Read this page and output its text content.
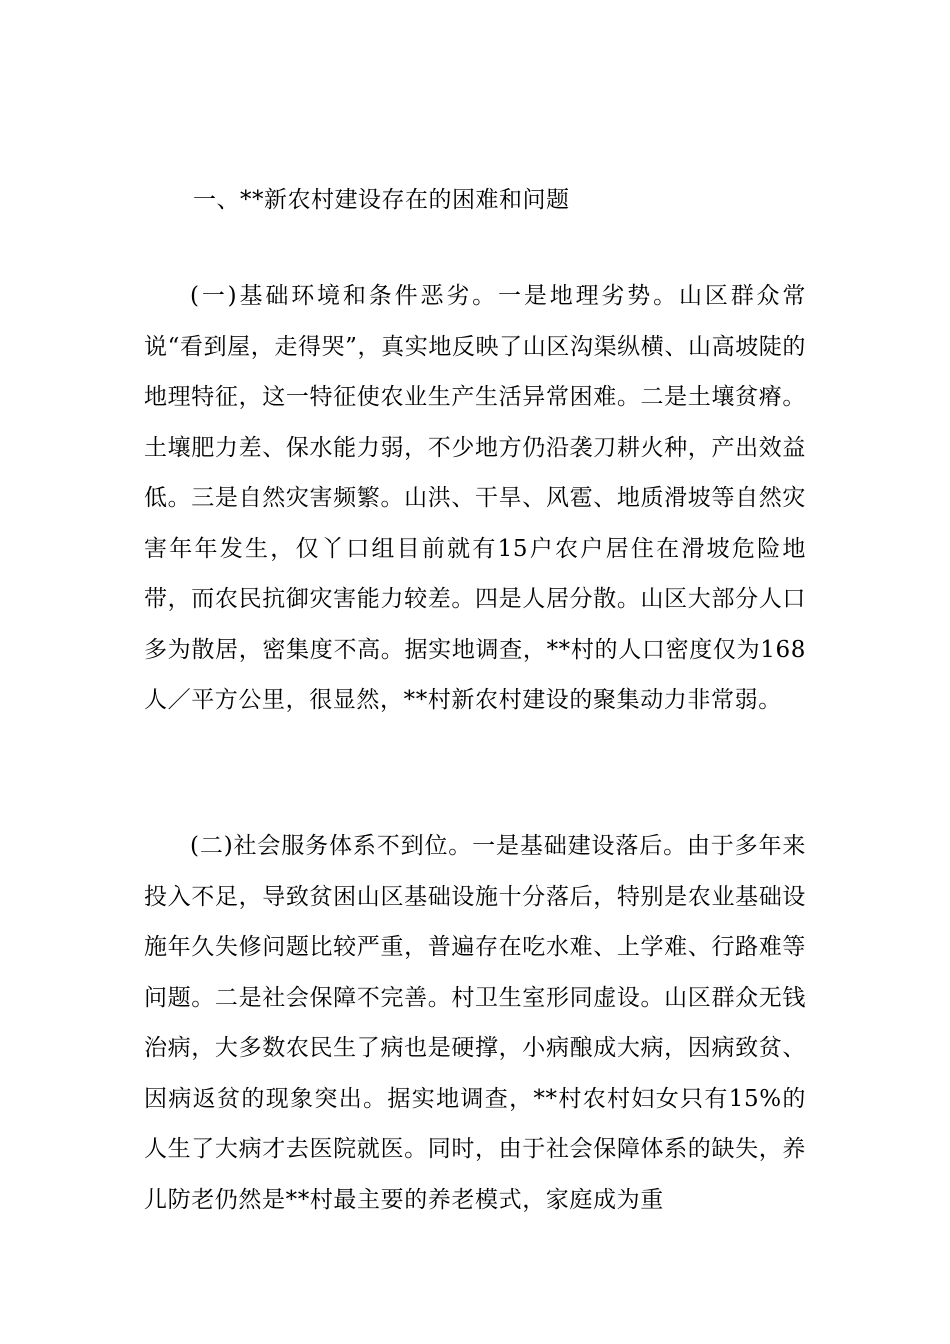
一、**新农村建设存在的困难和问题

(一)基础环境和条件恶劣。一是地理劣势。山区群众常说“看到屋，走得哭”，真实地反映了山区沟渠纵横、山高坡陡的地理特征，这一特征使农业生产生活异常困难。二是土壤贫瘠。土壤肥力差、保水能力弱，不少地方仍沿袭刀耕火种，产出效益低。三是自然灾害频繁。山洪、干旱、风雹、地质滑坡等自然灾害年年发生，仅丫口组目前就有15户农户居住在滑坡危险地带，而农民抗御灾害能力较差。四是人居分散。山区大部分人口多为散居，密集度不高。据实地调查，**村的人口密度仅为168人／平方公里，很显然，**村新农村建设的聚集动力非常弱。

(二)社会服务体系不到位。一是基础建设落后。由于多年来投入不足，导致贫困山区基础设施十分落后，特别是农业基础设施年久失修问题比较严重，普遍存在吃水难、上学难、行路难等问题。二是社会保障不完善。村卫生室形同虚设。山区群众无钱治病，大多数农民生了病也是硬撑，小病酿成大病，因病致贫、因病返贫的现象突出。据实地调查，**村农村妇女只有15%的人生了大病才去医院就医。同时，由于社会保障体系的缺失，养儿防老仍然是**村最主要的养老模式，家庭成为重
